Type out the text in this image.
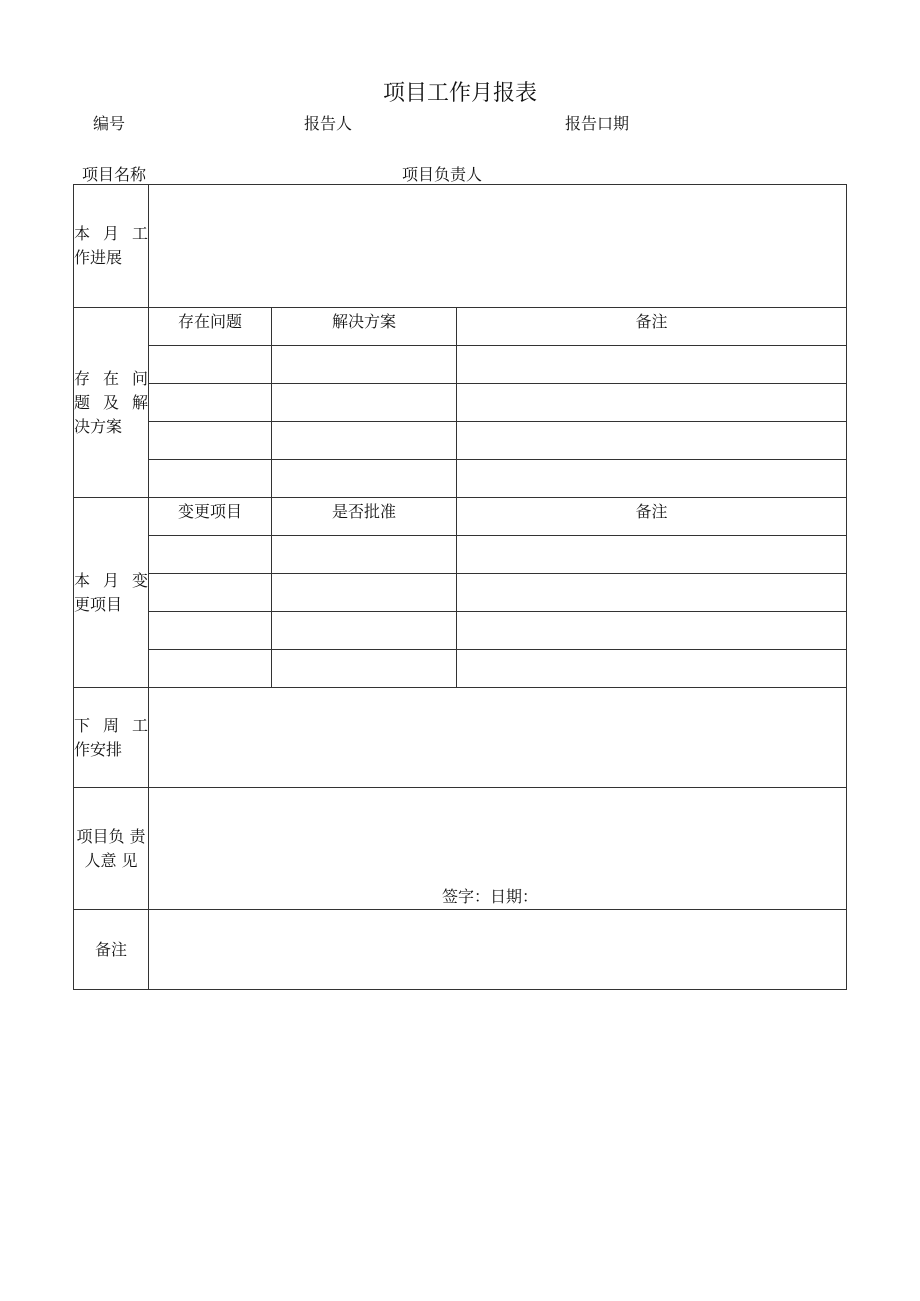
项目工作月报表
编号	报告人	报告口期
项目名称	项目负责人
本 月 工 作进展			
存 在 问 题 及 解 决方案	存在问题	解决方案	备注

本 月 变 更项目	变更项目	是否批准	备注

下 周 工 作安排			
项目负 责人意 见	签字：日期：		

备注			
